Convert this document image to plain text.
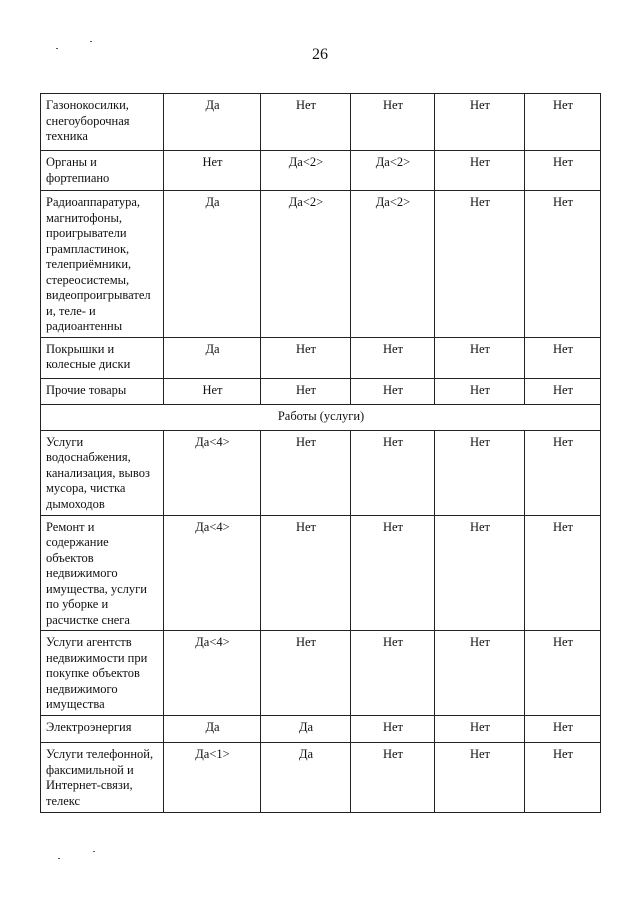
26
Газонокосилки, снегоуборочная техника	Да	Нет	Нет	Нет	Нет
Органы и фортепиано	Нет	Да<2>	Да<2>	Нет	Нет
Радиоаппаратура, магнитофоны, проигрыватели грампластинок, телеприёмники, стереосистемы, видеопроигрывател и, теле- и радиоантенны	Да	Да<2>	Да<2>	Нет	Нет
Покрышки и колесные диски	Да	Нет	Нет	Нет	Нет
Прочие товары	Нет	Нет	Нет	Нет	Нет
Работы (услуги)					
Услуги водоснабжения, канализация, вывоз мусора, чистка дымоходов	Да<4>	Нет	Нет	Нет	Нет
Ремонт и содержание объектов недвижимого имущества, услуги по уборке и расчистке снега	Да<4>	Нет	Нет	Нет	Нет
Услуги агентств недвижимости при покупке объектов недвижимого имущества	Да<4>	Нет	Нет	Нет	Нет
Электроэнергия	Да	Да	Нет	Нет	Нет
Услуги телефонной, факсимильной и Интернет-связи, телекс	Да<1>	Да	Нет	Нет	Нет
